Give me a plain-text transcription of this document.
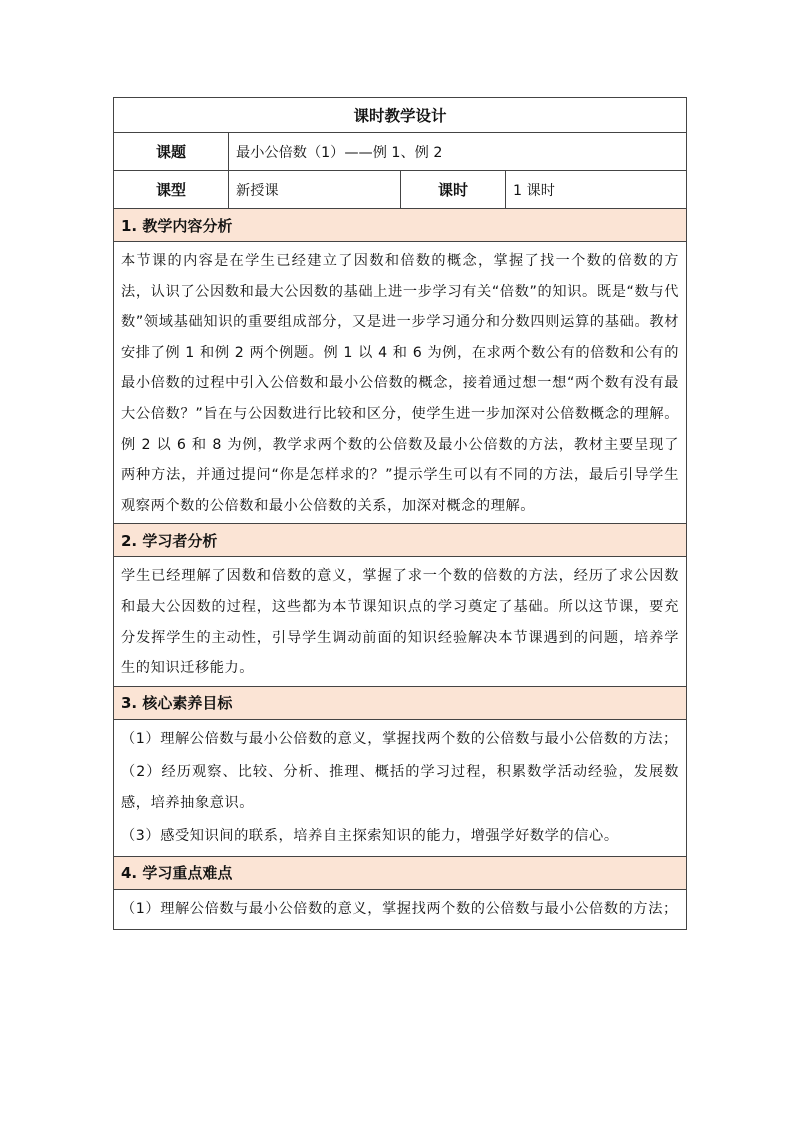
课时教学设计			
课题	最小公倍数（1）——例 1、例 2		
课型	新授课	课时	1 课时
1. 教学内容分析			

本节课的内容是在学生已经建立了因数和倍数的概念，掌握了找一个数的倍数的方法，认识了公因数和最大公因数的基础上进一步学习有关“倍数”的知识。既是“数与代数”领域基础知识的重要组成部分，又是进一步学习通分和分数四则运算的基础。教材安排了例 1 和例 2 两个例题。例 1 以 4 和 6 为例，在求两个数公有的倍数和公有的最小倍数的过程中引入公倍数和最小公倍数的概念，接着通过想一想“两个数有没有最大公倍数？”旨在与公因数进行比较和区分，使学生进一步加深对公倍数概念的理解。例 2 以 6 和 8 为例，教学求两个数的公倍数及最小公倍数的方法，教材主要呈现了两种方法，并通过提问“你是怎样求的？”提示学生可以有不同的方法，最后引导学生观察两个数的公倍数和最小公倍数的关系，加深对概念的理解。			

2. 学习者分析			

学生已经理解了因数和倍数的意义，掌握了求一个数的倍数的方法，经历了求公因数和最大公因数的过程，这些都为本节课知识点的学习奠定了基础。所以这节课，要充分发挥学生的主动性，引导学生调动前面的知识经验解决本节课遇到的问题，培养学生的知识迁移能力。			

3. 核心素养目标			

（1）理解公倍数与最小公倍数的意义，掌握找两个数的公倍数与最小公倍数的方法；

（2）经历观察、比较、分析、推理、概括的学习过程，积累数学活动经验，发展数感，培养抽象意识。

（3）感受知识间的联系，培养自主探索知识的能力，增强学好数学的信心。			

4. 学习重点难点			

（1）理解公倍数与最小公倍数的意义，掌握找两个数的公倍数与最小公倍数的方法；			
